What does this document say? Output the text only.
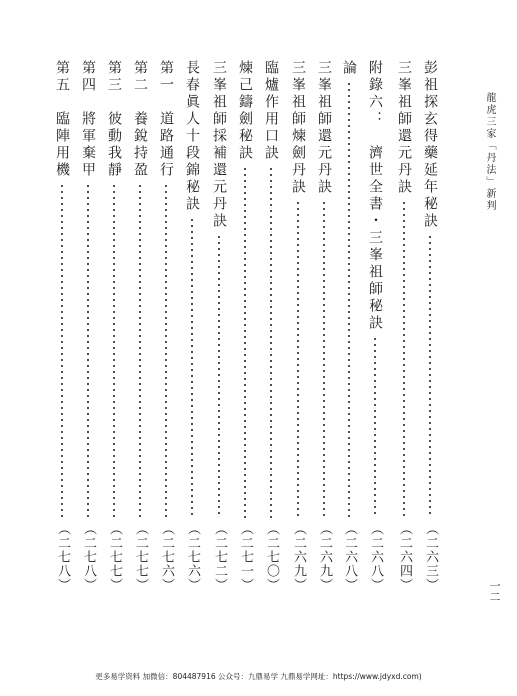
龍虎三家「丹法」新判
一二
彭祖探玄得藥延年秘訣
（二六三）
三峯祖師還元丹訣
（二六四）
附錄六：　濟世全書・三峯祖師秘訣
（二六八）
論
（二六八）
三峯祖師還元丹訣
（二六九）
三峯祖師煉劍丹訣
（二六九）
臨爐作用口訣
（二七〇）
煉己鑄劍秘訣
（二七一）
三峯祖師採補還元丹訣
（二七二）
長春眞人十段錦秘訣
（二七六）
第一　道路通行
（二七六）
第二　養銳持盈
（二七七）
第三　彼動我靜
（二七七）
第四　將軍棄甲
（二七八）
第五　臨陣用機
（二七八）
更多易学资料 加微信：804487916 公众号：九鼎易学 九鼎易学网址：https://www.jdyxd.com)
